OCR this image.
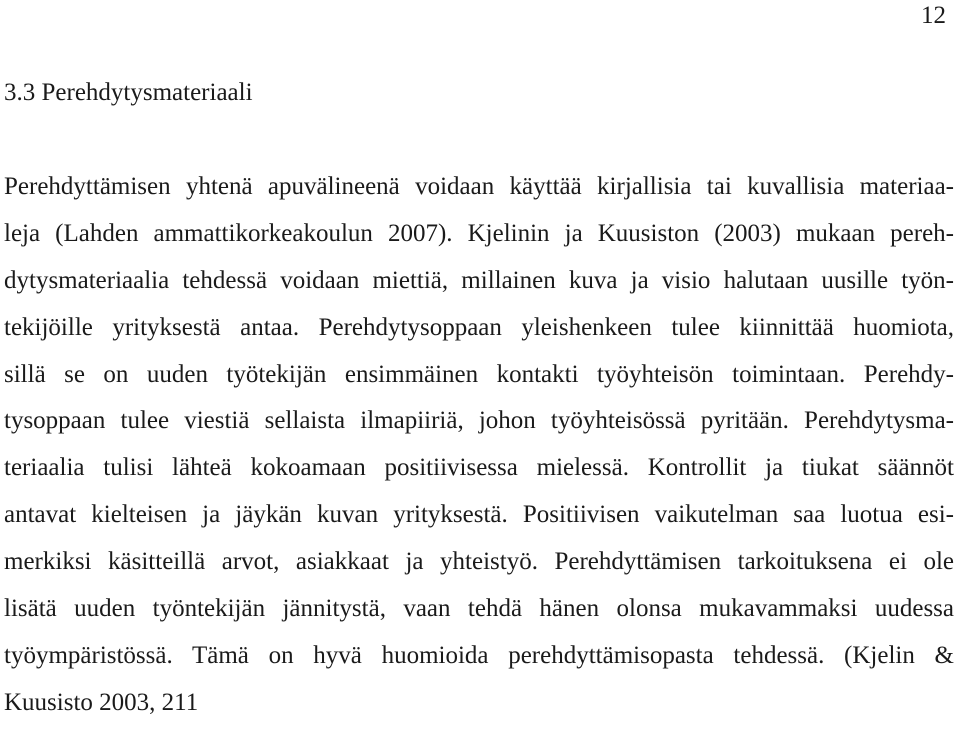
12
3.3 Perehdytysmateriaali
Perehdyttämisen yhtenä apuvälineenä voidaan käyttää kirjallisia tai kuvallisia materiaa-
leja (Lahden ammattikorkeakoulun 2007). Kjelinin ja Kuusiston (2003) mukaan pereh-
dytysmateriaalia tehdessä voidaan miettiä, millainen kuva ja visio halutaan uusille työn-
tekijöille yrityksestä antaa. Perehdytysoppaan yleishenkeen tulee kiinnittää huomiota,
sillä se on uuden työtekijän ensimmäinen kontakti työyhteisön toimintaan. Perehdy-
tysoppaan tulee viestiä sellaista ilmapiiriä, johon työyhteisössä pyritään. Perehdytysma-
teriaalia tulisi lähteä kokoamaan positiivisessa mielessä. Kontrollit ja tiukat säännöt
antavat kielteisen ja jäykän kuvan yrityksestä. Positiivisen vaikutelman saa luotua esi-
merkiksi käsitteillä arvot, asiakkaat ja yhteistyö. Perehdyttämisen tarkoituksena ei ole
lisätä uuden työntekijän jännitystä, vaan tehdä hänen olonsa mukavammaksi uudessa
työympäristössä. Tämä on hyvä huomioida perehdyttämisopasta tehdessä. (Kjelin &
Kuusisto 2003, 211
